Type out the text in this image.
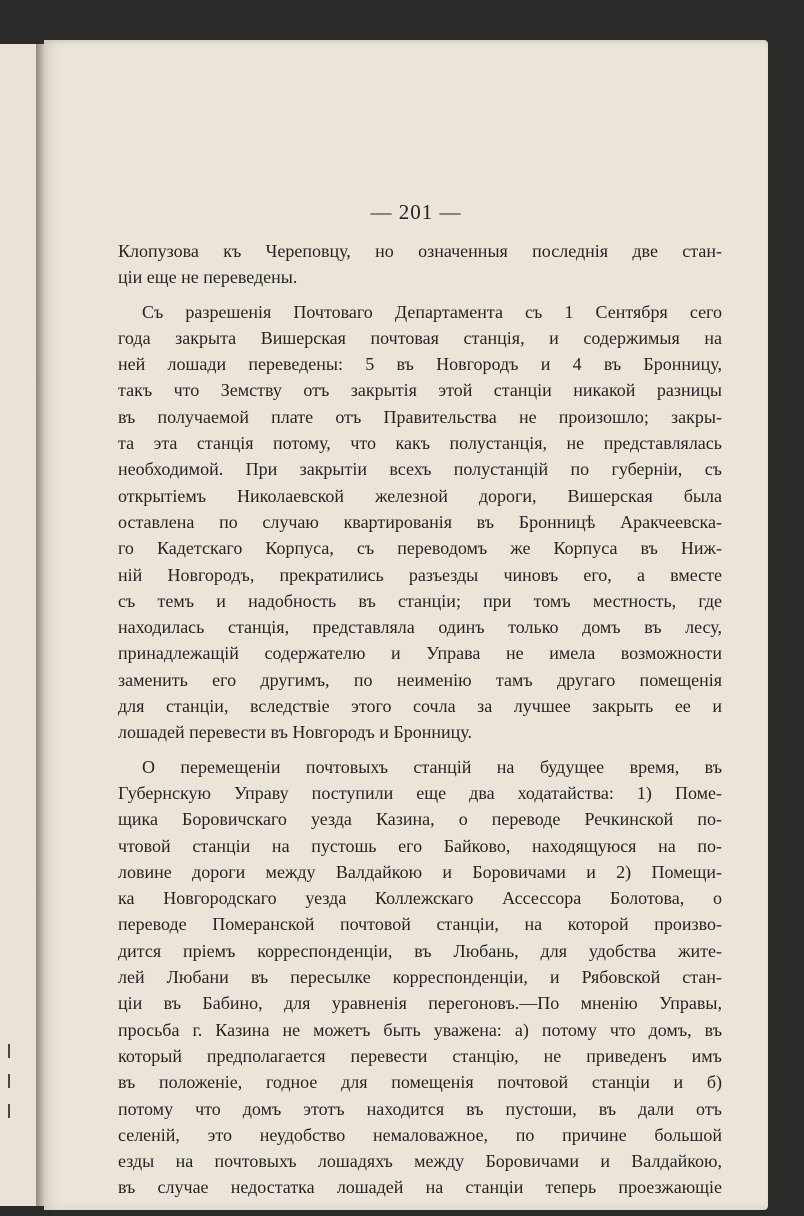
— 201 —
Клопузова къ Череповцу, но означенныя последнія две стан-
ціи еще не переведены.
Съ разрешенія Почтоваго Департамента съ 1 Сентября сего
года закрыта Вишерская почтовая станція, и содержимыя на
ней лошади переведены: 5 въ Новгородъ и 4 въ Бронницу,
такъ что Земству отъ закрытія этой станціи никакой разницы
въ получаемой плате отъ Правительства не произошло; закры-
та эта станція потому, что какъ полустанція, не представлялась
необходимой. При закрытіи всехъ полустанцій по губерніи, съ
открытіемъ Николаевской железной дороги, Вишерская была
оставлена по случаю квартированія въ Бронницѣ Аракчеевска-
го Кадетскаго Корпуса, съ переводомъ же Корпуса въ Ниж-
ній Новгородъ, прекратились разъезды чиновъ его, а вместе
съ темъ и надобность въ станціи; при томъ местность, где
находилась станція, представляла одинъ только домъ въ лесу,
принадлежащій содержателю и Управа не имела возможности
заменить его другимъ, по неименію тамъ другаго помещенія
для станціи, вследствіе этого сочла за лучшее закрыть ее и
лошадей перевести въ Новгородъ и Бронницу.
О перемещеніи почтовыхъ станцій на будущее время, въ
Губернскую Управу поступили еще два ходатайства: 1) Поме-
щика Боровичскаго уезда Казина, о переводе Речкинской по-
чтовой станціи на пустошь его Байково, находящуюся на по-
ловине дороги между Валдайкою и Боровичами и 2) Помещи-
ка Новгородскаго уезда Коллежскаго Ассессора Болотова, о
переводе Померанской почтовой станціи, на которой произво-
дится пріемъ корреспонденціи, въ Любань, для удобства жите-
лей Любани въ пересылке корреспонденціи, и Рябовской стан-
ціи въ Бабино, для уравненія перегоновъ.—По мненію Управы,
просьба г. Казина не можетъ быть уважена: а) потому что домъ, въ
который предполагается перевести станцію, не приведенъ имъ
въ положеніе, годное для помещенія почтовой станціи и б)
потому что домъ этотъ находится въ пустоши, въ дали отъ
селеній, это неудобство немаловажное, по причине большой
езды на почтовыхъ лошадяхъ между Боровичами и Валдайкою,
въ случае недостатка лошадей на станціи теперь проезжающіе
